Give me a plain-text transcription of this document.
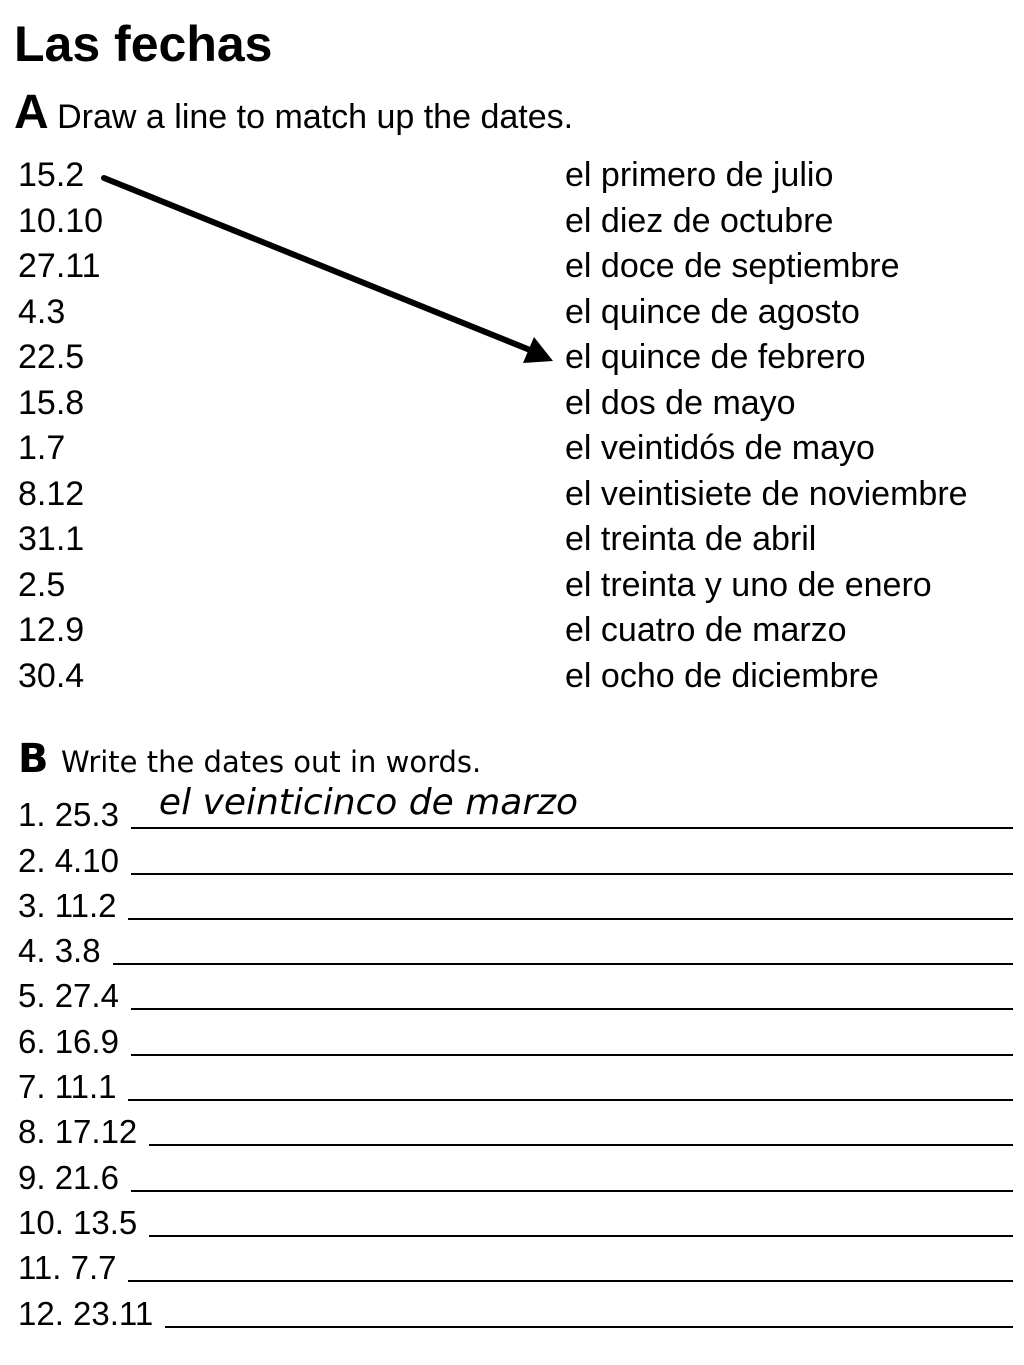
Las fechas
A Draw a line to match up the dates.
15.2
10.10
27.11
4.3
22.5
15.8
1.7
8.12
31.1
2.5
12.9
30.4
el primero de julio
el diez de octubre
el doce de septiembre
el quince de agosto
el quince de febrero
el dos de mayo
el veintidós de mayo
el veintisiete de noviembre
el treinta de abril
el treinta y uno de enero
el cuatro de marzo
el ocho de diciembre
B Write the dates out in words.
1. 25.3	el veinticinco de marzo
2. 4.10
3. 11.2
4. 3.8
5. 27.4
6. 16.9
7. 11.1
8. 17.12
9. 21.6
10. 13.5
11. 7.7
12. 23.11
